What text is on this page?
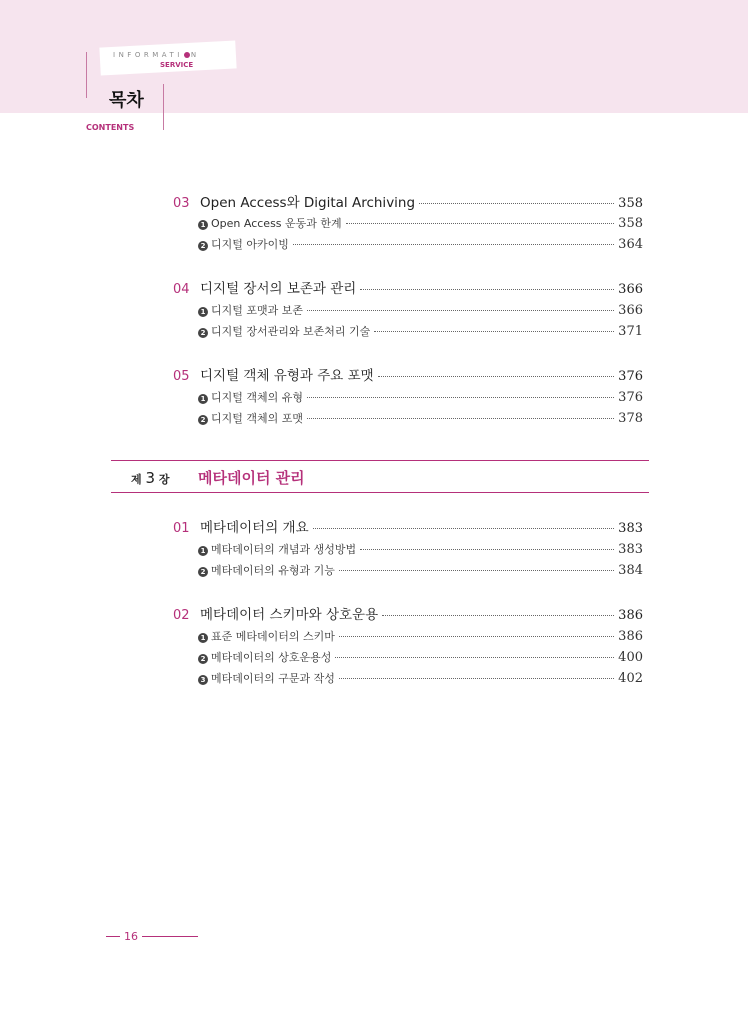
INFORMATI N
SERVICE
목차
CONTENTS
03 Open Access와 Digital Archiving	358
1 Open Access 운동과 한계	358
2 디지털 아카이빙	364
04 디지털 장서의 보존과 관리	366
1 디지털 포맷과 보존	366
2 디지털 장서관리와 보존처리 기술	371
05 디지털 객체 유형과 주요 포맷	376
1 디지털 객체의 유형	376
2 디지털 객체의 포맷	378
제 3 장 메타데이터 관리
01 메타데이터의 개요	383
1 메타데이터의 개념과 생성방법	383
2 메타데이터의 유형과 기능	384
02 메타데이터 스키마와 상호운용	386
1 표준 메타데이터의 스키마	386
2 메타데이터의 상호운용성	400
3 메타데이터의 구문과 작성	402
16
